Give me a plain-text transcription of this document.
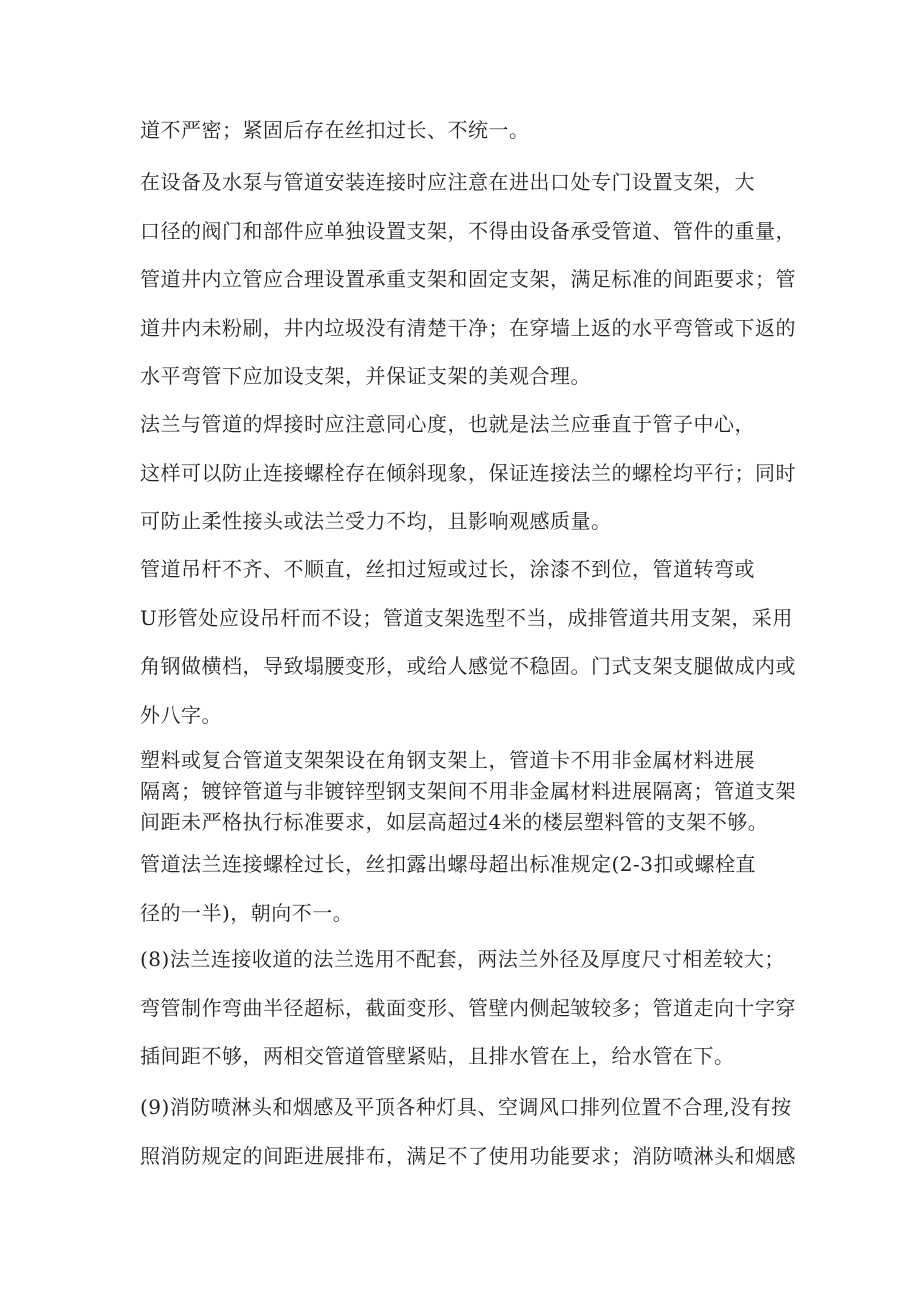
道不严密；紧固后存在丝扣过长、不统一。

在设备及水泵与管道安装连接时应注意在进出口处专门设置支架，大
口径的阀门和部件应单独设置支架，不得由设备承受管道、管件的重量，
管道井内立管应合理设置承重支架和固定支架，满足标准的间距要求；管
道井内未粉刷，井内垃圾没有清楚干净；在穿墙上返的水平弯管或下返的
水平弯管下应加设支架，并保证支架的美观合理。

法兰与管道的焊接时应注意同心度，也就是法兰应垂直于管子中心，
这样可以防止连接螺栓存在倾斜现象，保证连接法兰的螺栓均平行；同时
可防止柔性接头或法兰受力不均，且影响观感质量。

管道吊杆不齐、不顺直，丝扣过短或过长，涂漆不到位，管道转弯或
U形管处应设吊杆而不设；管道支架选型不当，成排管道共用支架，采用
角钢做横档，导致塌腰变形，或给人感觉不稳固。门式支架支腿做成内或
外八字。

塑料或复合管道支架架设在角钢支架上，管道卡不用非金属材料进展
隔离；镀锌管道与非镀锌型钢支架间不用非金属材料进展隔离；管道支架
间距未严格执行标准要求，如层高超过4米的楼层塑料管的支架不够。

管道法兰连接螺栓过长，丝扣露出螺母超出标准规定(2-3扣或螺栓直
径的一半)，朝向不一。

(8)法兰连接收道的法兰选用不配套，两法兰外径及厚度尺寸相差较大；
弯管制作弯曲半径超标，截面变形、管壁内侧起皱较多；管道走向十字穿
插间距不够，两相交管道管壁紧贴，且排水管在上，给水管在下。

(9)消防喷淋头和烟感及平顶各种灯具、空调风口排列位置不合理,没有按
照消防规定的间距进展排布，满足不了使用功能要求；消防喷淋头和烟感
